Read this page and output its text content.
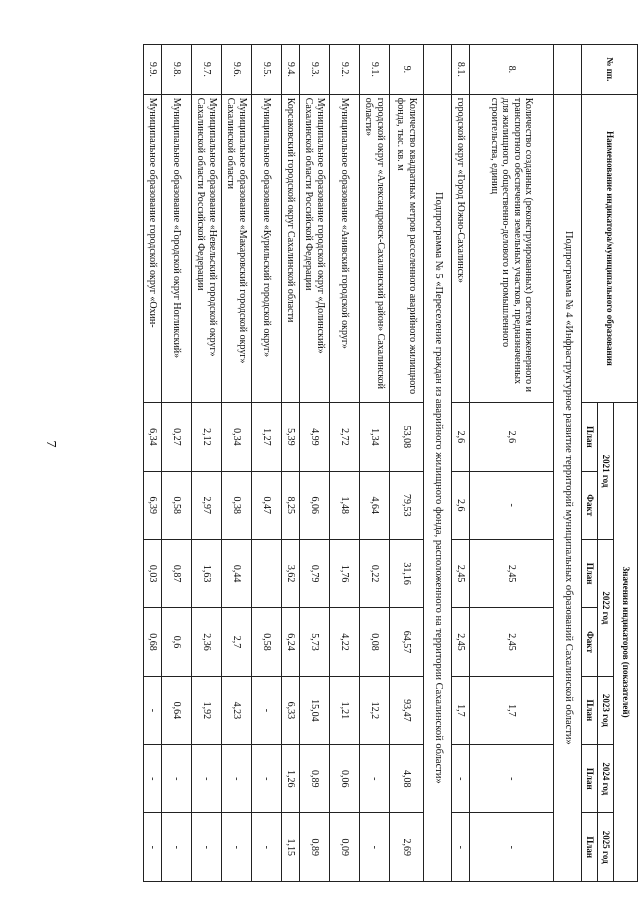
7
№ пп.	Наименование индикатора/муниципального образования	Значения индикаторов (показателей)						
		2021 год		2022 год		2023 год	2024 год	2025 год
		План	Факт	План	Факт	План	План	План
	Подпрограмма № 4 «Инфраструктурное развитие территорий муниципальных образований Сахалинской области»							
8.	Количество созданных (реконструированных) систем инженерного и транспортного обеспечения земельных участков, предназначенных для жилищного, общественно-делового и промышленного строительства, единиц	2,6	-	2,45	2,45	1,7	-	-
8.1.	городской округ «Город Южно-Сахалинск»	2,6	2,6	2,45	2,45	1,7	-	-
	Подпрограмма № 5 «Переселение граждан из аварийного жилищного фонда, расположенного на территории Сахалинской области»							
9.	Количество квадратных метров расселенного аварийного жилищного фонда, тыс. кв. м	53,08	79,53	31,16	64,57	93,47	4,08	2,69
9.1.	городской округ «Александровск-Сахалинский район» Сахалинской области»	1,34	4,64	0,22	0,08	12,2	-	-
9.2.	Муниципальное образование «Анивский городской округ»	2,72	1,48	1,76	4,22	1,21	0,06	0,09
9.3.	Муниципальное образование городской округ «Долинский» Сахалинской области Российской Федерации	4,99	6,06	0,79	5,73	15,04	0,89	0,89
9.4.	Корсаковский городской округ Сахалинской области	5,39	8,25	3,62	6,24	6,33	1,26	1,15
9.5.	Муниципальное образование «Курильский городской округ»	1,27	0,47		0,58	-	-	-
9.6.	Муниципальное образование «Макаровский городской округ» Сахалинской области	0,34	0,38	0,44	2,7	4,23	-	-
9.7.	Муниципальное образование «Невельский городской округ» Сахалинской области Российской Федерации	2,12	2,97	1,63	2,36	1,92	-	-
9.8.	Муниципальное образование «Городской округ Ногликский»	0,27	0,58	0,87	0,6	0,64	-	-
9.9.	Муниципальное образование городской округ «Охин-	6,34	6,39	0,03	0,68	-	-	-
